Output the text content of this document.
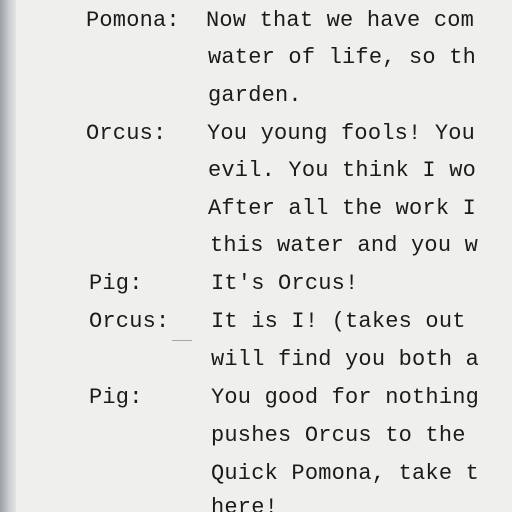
Pomona: Now that we have com
water of life, so th
garden.
Orcus: You young fools! You
evil. You think I wo
After all the work I
this water and you w
Pig:	It's Orcus!
Orcus: It is I! (takes out
will find you both a
Pig:	You good for nothing
pushes Orcus to the
Quick Pomona, take t
here!
